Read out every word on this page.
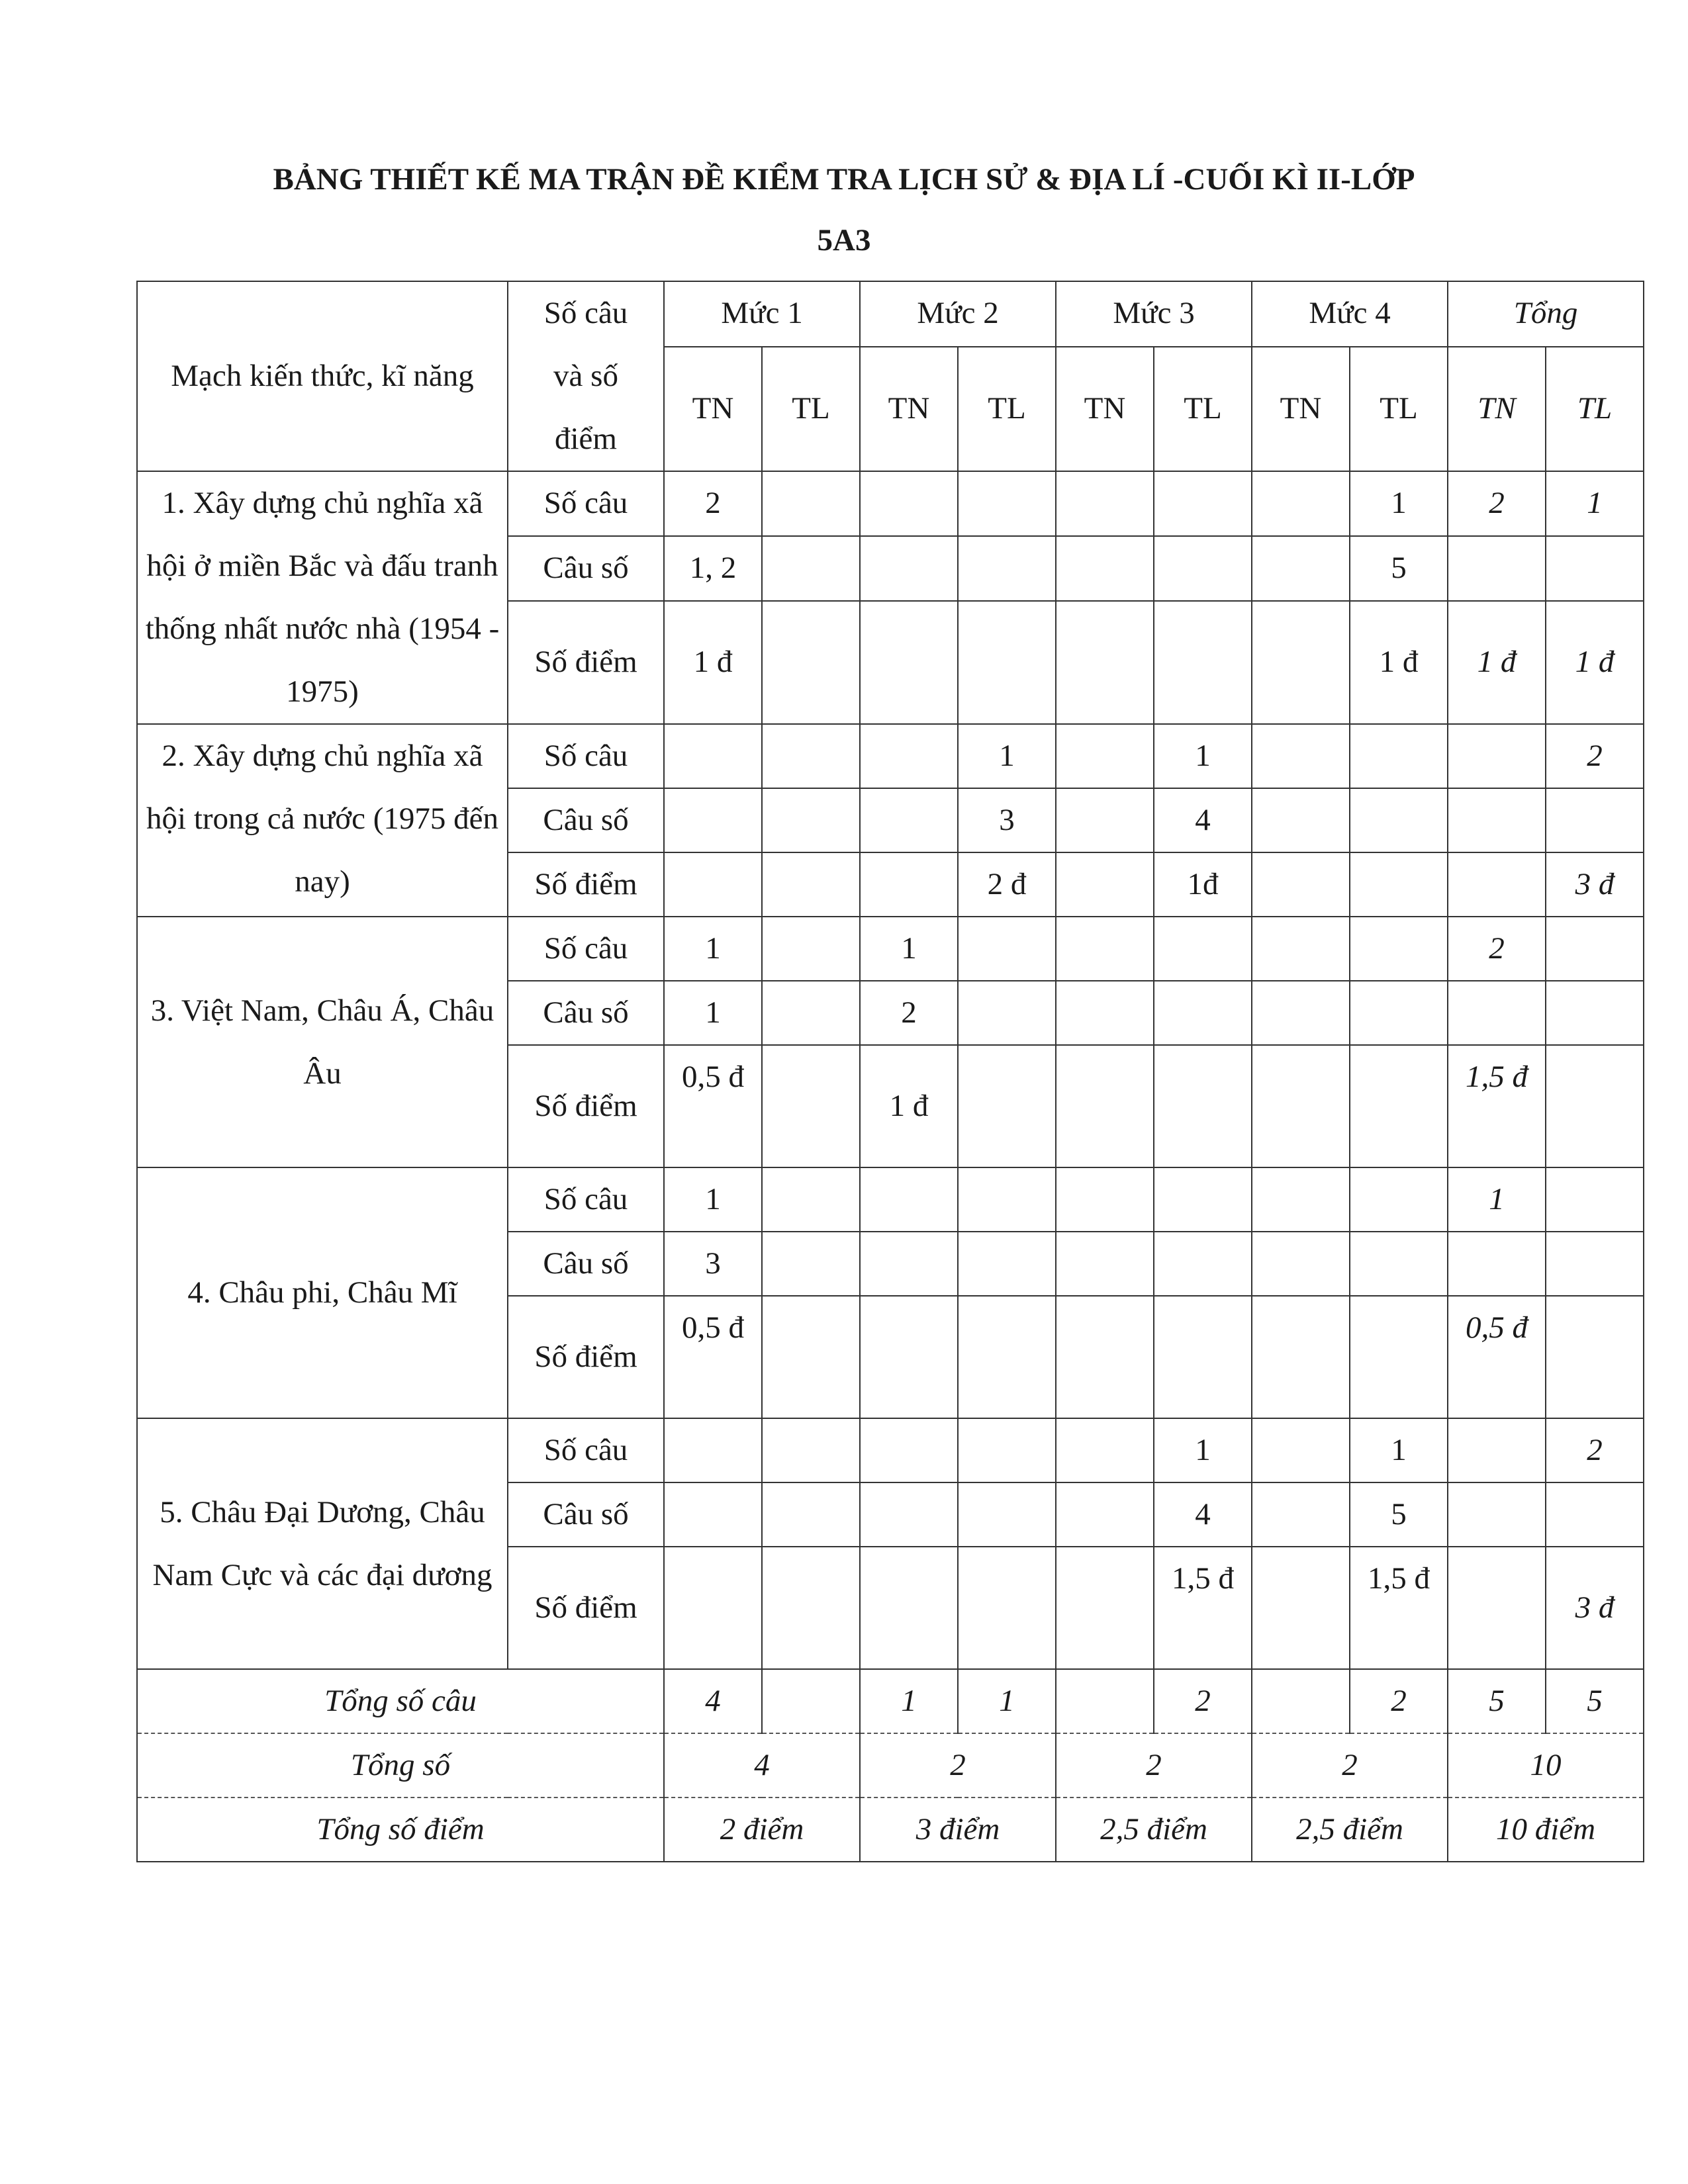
BẢNG THIẾT KẾ MA TRẬN ĐỀ KIỂM TRA LỊCH SỬ & ĐỊA LÍ -CUỐI KÌ II-LỚP
5A3
Mạch kiến thức, kĩ năng	Số câu và số điểm	Mức 1		Mức 2		Mức 3		Mức 4		Tổng	
		TN	TL	TN	TL	TN	TL	TN	TL	TN	TL

1. Xây dựng chủ nghĩa xã hội ở miền Bắc và đấu tranh thống nhất nước nhà (1954 - 1975)	Số câu	2							1	2	1
	Câu số	1, 2							5		
	Số điểm	1 đ							1 đ	1 đ	1 đ

2. Xây dựng chủ nghĩa xã hội trong cả nước (1975 đến nay)	Số câu				1		1				2
	Câu số				3		4				
	Số điểm				2 đ		1đ				3 đ

3. Việt Nam, Châu Á, Châu Âu	Số câu	1		1						2	
	Câu số	1		2							
	Số điểm	0,5 đ		1 đ						1,5 đ	

4. Châu phi, Châu Mĩ	Số câu	1								1	
	Câu số	3									
	Số điểm	0,5 đ								0,5 đ	

5. Châu Đại Dương, Châu Nam Cực và các đại dương	Số câu						1		1		2
	Câu số						4		5		
	Số điểm						1,5 đ		1,5 đ		3 đ
Tổng số câu		4		1	1		2		2	5	5
Tổng số		4		2		2		2		10	
Tổng số điểm		2 điểm		3 điểm		2,5 điểm		2,5 điểm		10 điểm	
